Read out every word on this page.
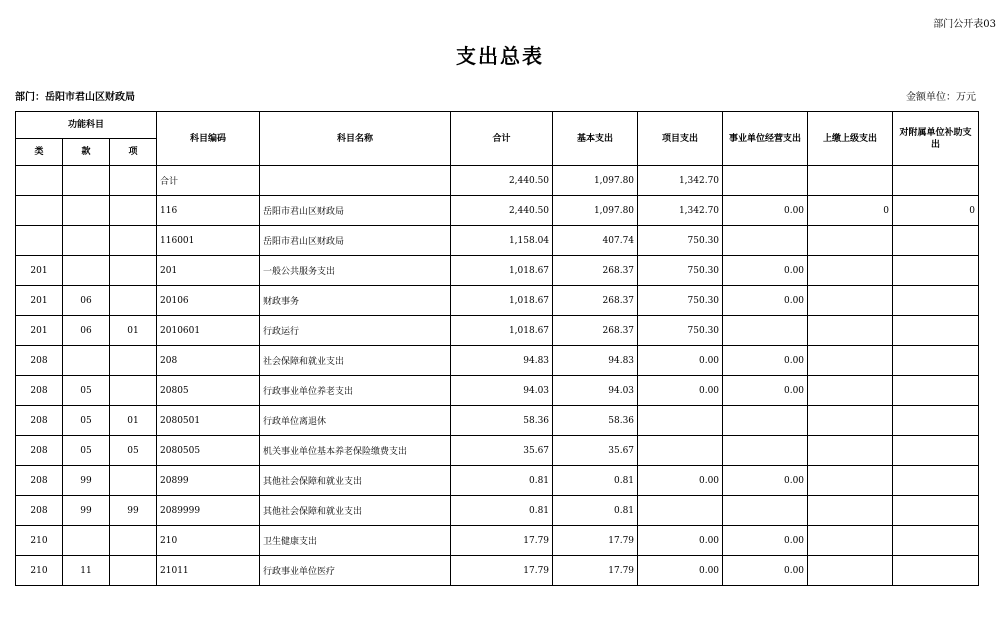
部门公开表03
支出总表
部门：岳阳市君山区财政局	金额单位：万元
功能科目			科目编码	科目名称	合计	基本支出	项目支出	事业单位经营支出	上缴上级支出	对附属单位补助支出
类	款	项								
			合计		2,440.50	1,097.80	1,342.70			
			116	岳阳市君山区财政局	2,440.50	1,097.80	1,342.70	0.00	0	0
			116001	岳阳市君山区财政局	1,158.04	407.74	750.30			
201			201	一般公共服务支出	1,018.67	268.37	750.30	0.00		
201	06		20106	财政事务	1,018.67	268.37	750.30	0.00		
201	06	01	2010601	行政运行	1,018.67	268.37	750.30			
208			208	社会保障和就业支出	94.83	94.83	0.00	0.00		
208	05		20805	行政事业单位养老支出	94.03	94.03	0.00	0.00		
208	05	01	2080501	行政单位离退休	58.36	58.36				
208	05	05	2080505	机关事业单位基本养老保险缴费支出	35.67	35.67				
208	99		20899	其他社会保障和就业支出	0.81	0.81	0.00	0.00		
208	99	99	2089999	其他社会保障和就业支出	0.81	0.81				
210			210	卫生健康支出	17.79	17.79	0.00	0.00		
210	11		21011	行政事业单位医疗	17.79	17.79	0.00	0.00		
